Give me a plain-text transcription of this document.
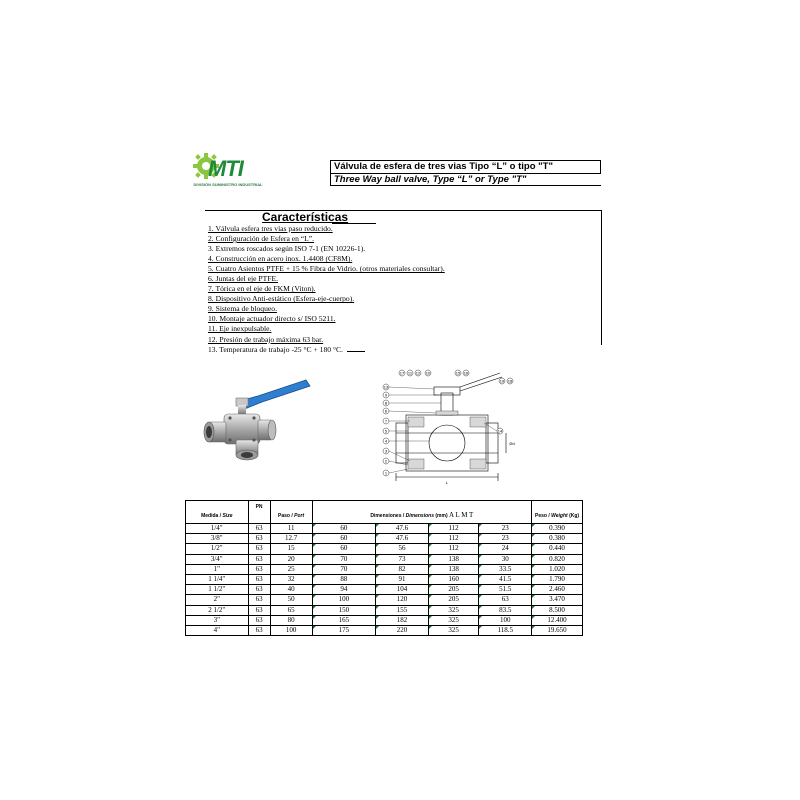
MTI
DIVISIÓN SUMINISTRO INDUSTRIAL
Válvula de esfera de tres vias Tipo “L” o tipo "T"
Three Way ball valve, Type “L” or Type "T"
Características
1. Válvula esfera tres vías paso reducido.
2. Configuración de Esfera en “L”.
3. Extremos roscados según ISO 7-1 (EN 10226-1).
4. Construcción en acero inox. 1.4408 (CF8M).
5. Cuatro Asientos PTFE + 15 % Fibra de Vidrio. (otros materiales consultar).
6. Juntas del eje PTFE.
7. Tórica en el eje de FKM (Viton).
8. Dispositivo Anti-estático (Esfera-eje-cuerpo).
9. Sistema de bloqueo.
10. Montaje actuador directo s/ ISO 5211.
11. Eje inexpulsable.
12. Presión de trabajo máxima 63 bar.
13. Temperatura de trabajo -25 °C + 180 °C.
13
9
8
6
7
5
4
3
2
1
17 11 12 10	15 16
19 18
14
L
Ød
Medida / Size	PN	Paso / Port	Dimensiones / Dimensions (mm) A L M T				Peso / Weight (Kg)
1/4"	63	11	60	47.6	112	23	0.390
3/8"	63	12.7	60	47.6	112	23	0.380
1/2"	63	15	60	56	112	24	0.440
3/4"	63	20	70	73	138	30	0.820
1"	63	25	70	82	138	33.5	1.020
1 1/4"	63	32	88	91	160	41.5	1.790
1 1/2"	63	40	94	104	205	51.5	2.460
2"	63	50	100	120	205	63	3.470
2 1/2"	63	65	150	155	325	83.5	8.500
3"	63	80	165	182	325	100	12.400
4"	63	100	175	220	325	118.5	19.650
